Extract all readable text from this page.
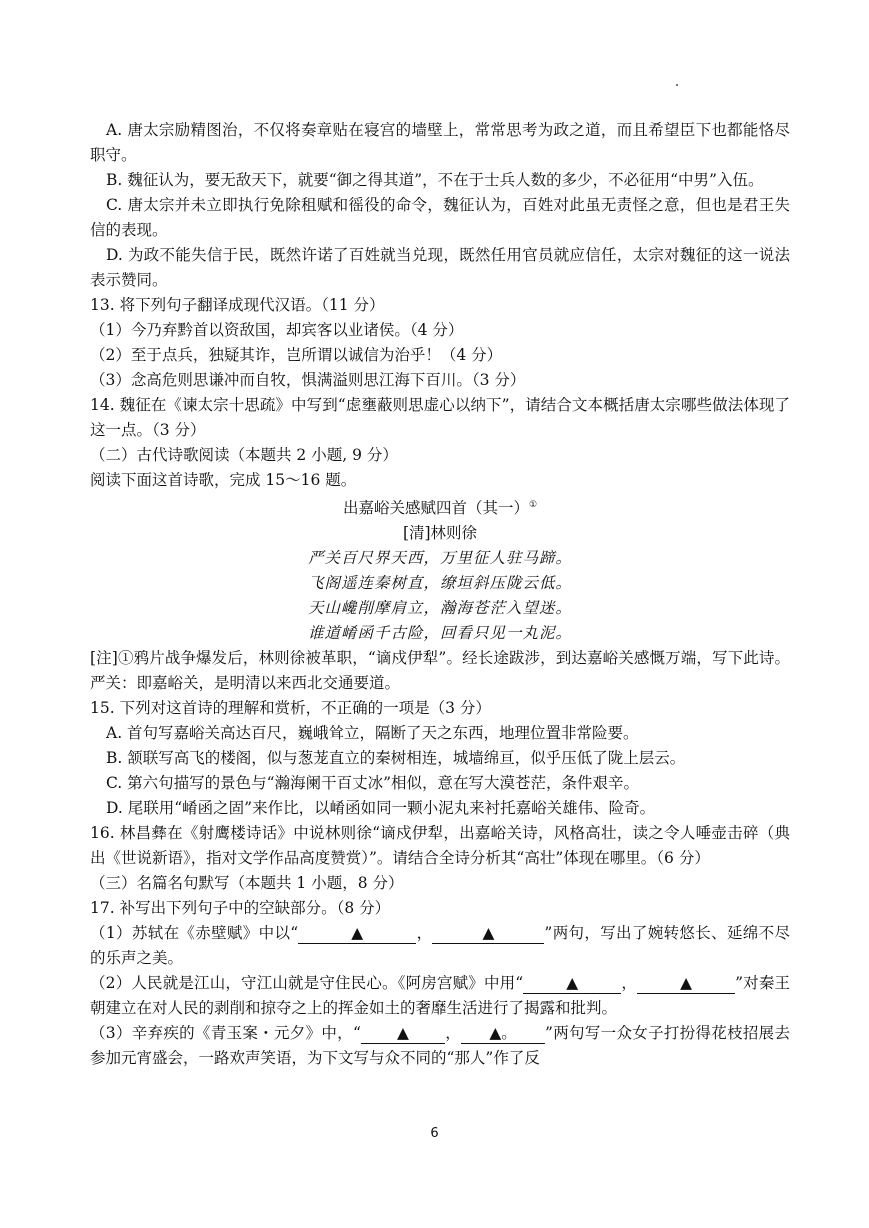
A. 唐太宗励精图治，不仅将奏章贴在寝宫的墙壁上，常常思考为政之道，而且希望臣下也都能恪尽职守。
B. 魏征认为，要无敌天下，就要“御之得其道”，不在于士兵人数的多少，不必征用“中男”入伍。
C. 唐太宗并未立即执行免除租赋和徭役的命令，魏征认为，百姓对此虽无责怪之意，但也是君王失信的表现。
D. 为政不能失信于民，既然许诺了百姓就当兑现，既然任用官员就应信任，太宗对魏征的这一说法表示赞同。
13. 将下列句子翻译成现代汉语。（11 分）
（1）今乃弃黔首以资敌国，却宾客以业诸侯。（4 分）
（2）至于点兵，独疑其诈，岂所谓以诚信为治乎！（4 分）
（3）念高危则思谦冲而自牧，惧满溢则思江海下百川。（3 分）
14. 魏征在《谏太宗十思疏》中写到“虑壅蔽则思虚心以纳下”，请结合文本概括唐太宗哪些做法体现了这一点。（3 分）
（二）古代诗歌阅读（本题共 2 小题, 9 分）
阅读下面这首诗歌，完成 15～16 题。
出嘉峪关感赋四首（其一）①
[清]林则徐
严关百尺界天西，万里征人驻马蹄。
飞阁遥连秦树直，缭垣斜压陇云低。
天山巉削摩肩立，瀚海苍茫入望迷。
谁道崤函千古险，回看只见一丸泥。
[注]①鸦片战争爆发后，林则徐被革职，“谪戍伊犁”。经长途跋涉，到达嘉峪关感慨万端，写下此诗。严关：即嘉峪关，是明清以来西北交通要道。
15. 下列对这首诗的理解和赏析，不正确的一项是（3 分）
A. 首句写嘉峪关高达百尺，巍峨耸立，隔断了天之东西，地理位置非常险要。
B. 颔联写高飞的楼阁，似与葱茏直立的秦树相连，城墙绵亘，似乎压低了陇上层云。
C. 第六句描写的景色与“瀚海阑干百丈冰”相似，意在写大漠苍茫，条件艰辛。
D. 尾联用“崤函之固”来作比，以崤函如同一颗小泥丸来衬托嘉峪关雄伟、险奇。
16. 林昌彝在《射鹰楼诗话》中说林则徐“谪戍伊犁，出嘉峪关诗，风格高壮，读之令人唾壶击碎（典出《世说新语》，指对文学作品高度赞赏）”。请结合全诗分析其“高壮”体现在哪里。（6 分）
（三）名篇名句默写（本题共 1 小题，8 分）
17. 补写出下列句子中的空缺部分。（8 分）
（1）苏轼在《赤壁赋》中以“	▲	，	▲	”两句，写出了婉转悠长、延绵不尽的乐声之美。
（2）人民就是江山，守江山就是守住民心。《阿房宫赋》中用“	▲	，	▲	”对秦王朝建立在对人民的剥削和掠夺之上的挥金如土的奢靡生活进行了揭露和批判。
（3）辛弃疾的《青玉案・元夕》中，“ ▲ ， ▲。 ”两句写一众女子打扮得花枝招展去参加元宵盛会，一路欢声笑语，为下文写与众不同的“那人”作了反
6
